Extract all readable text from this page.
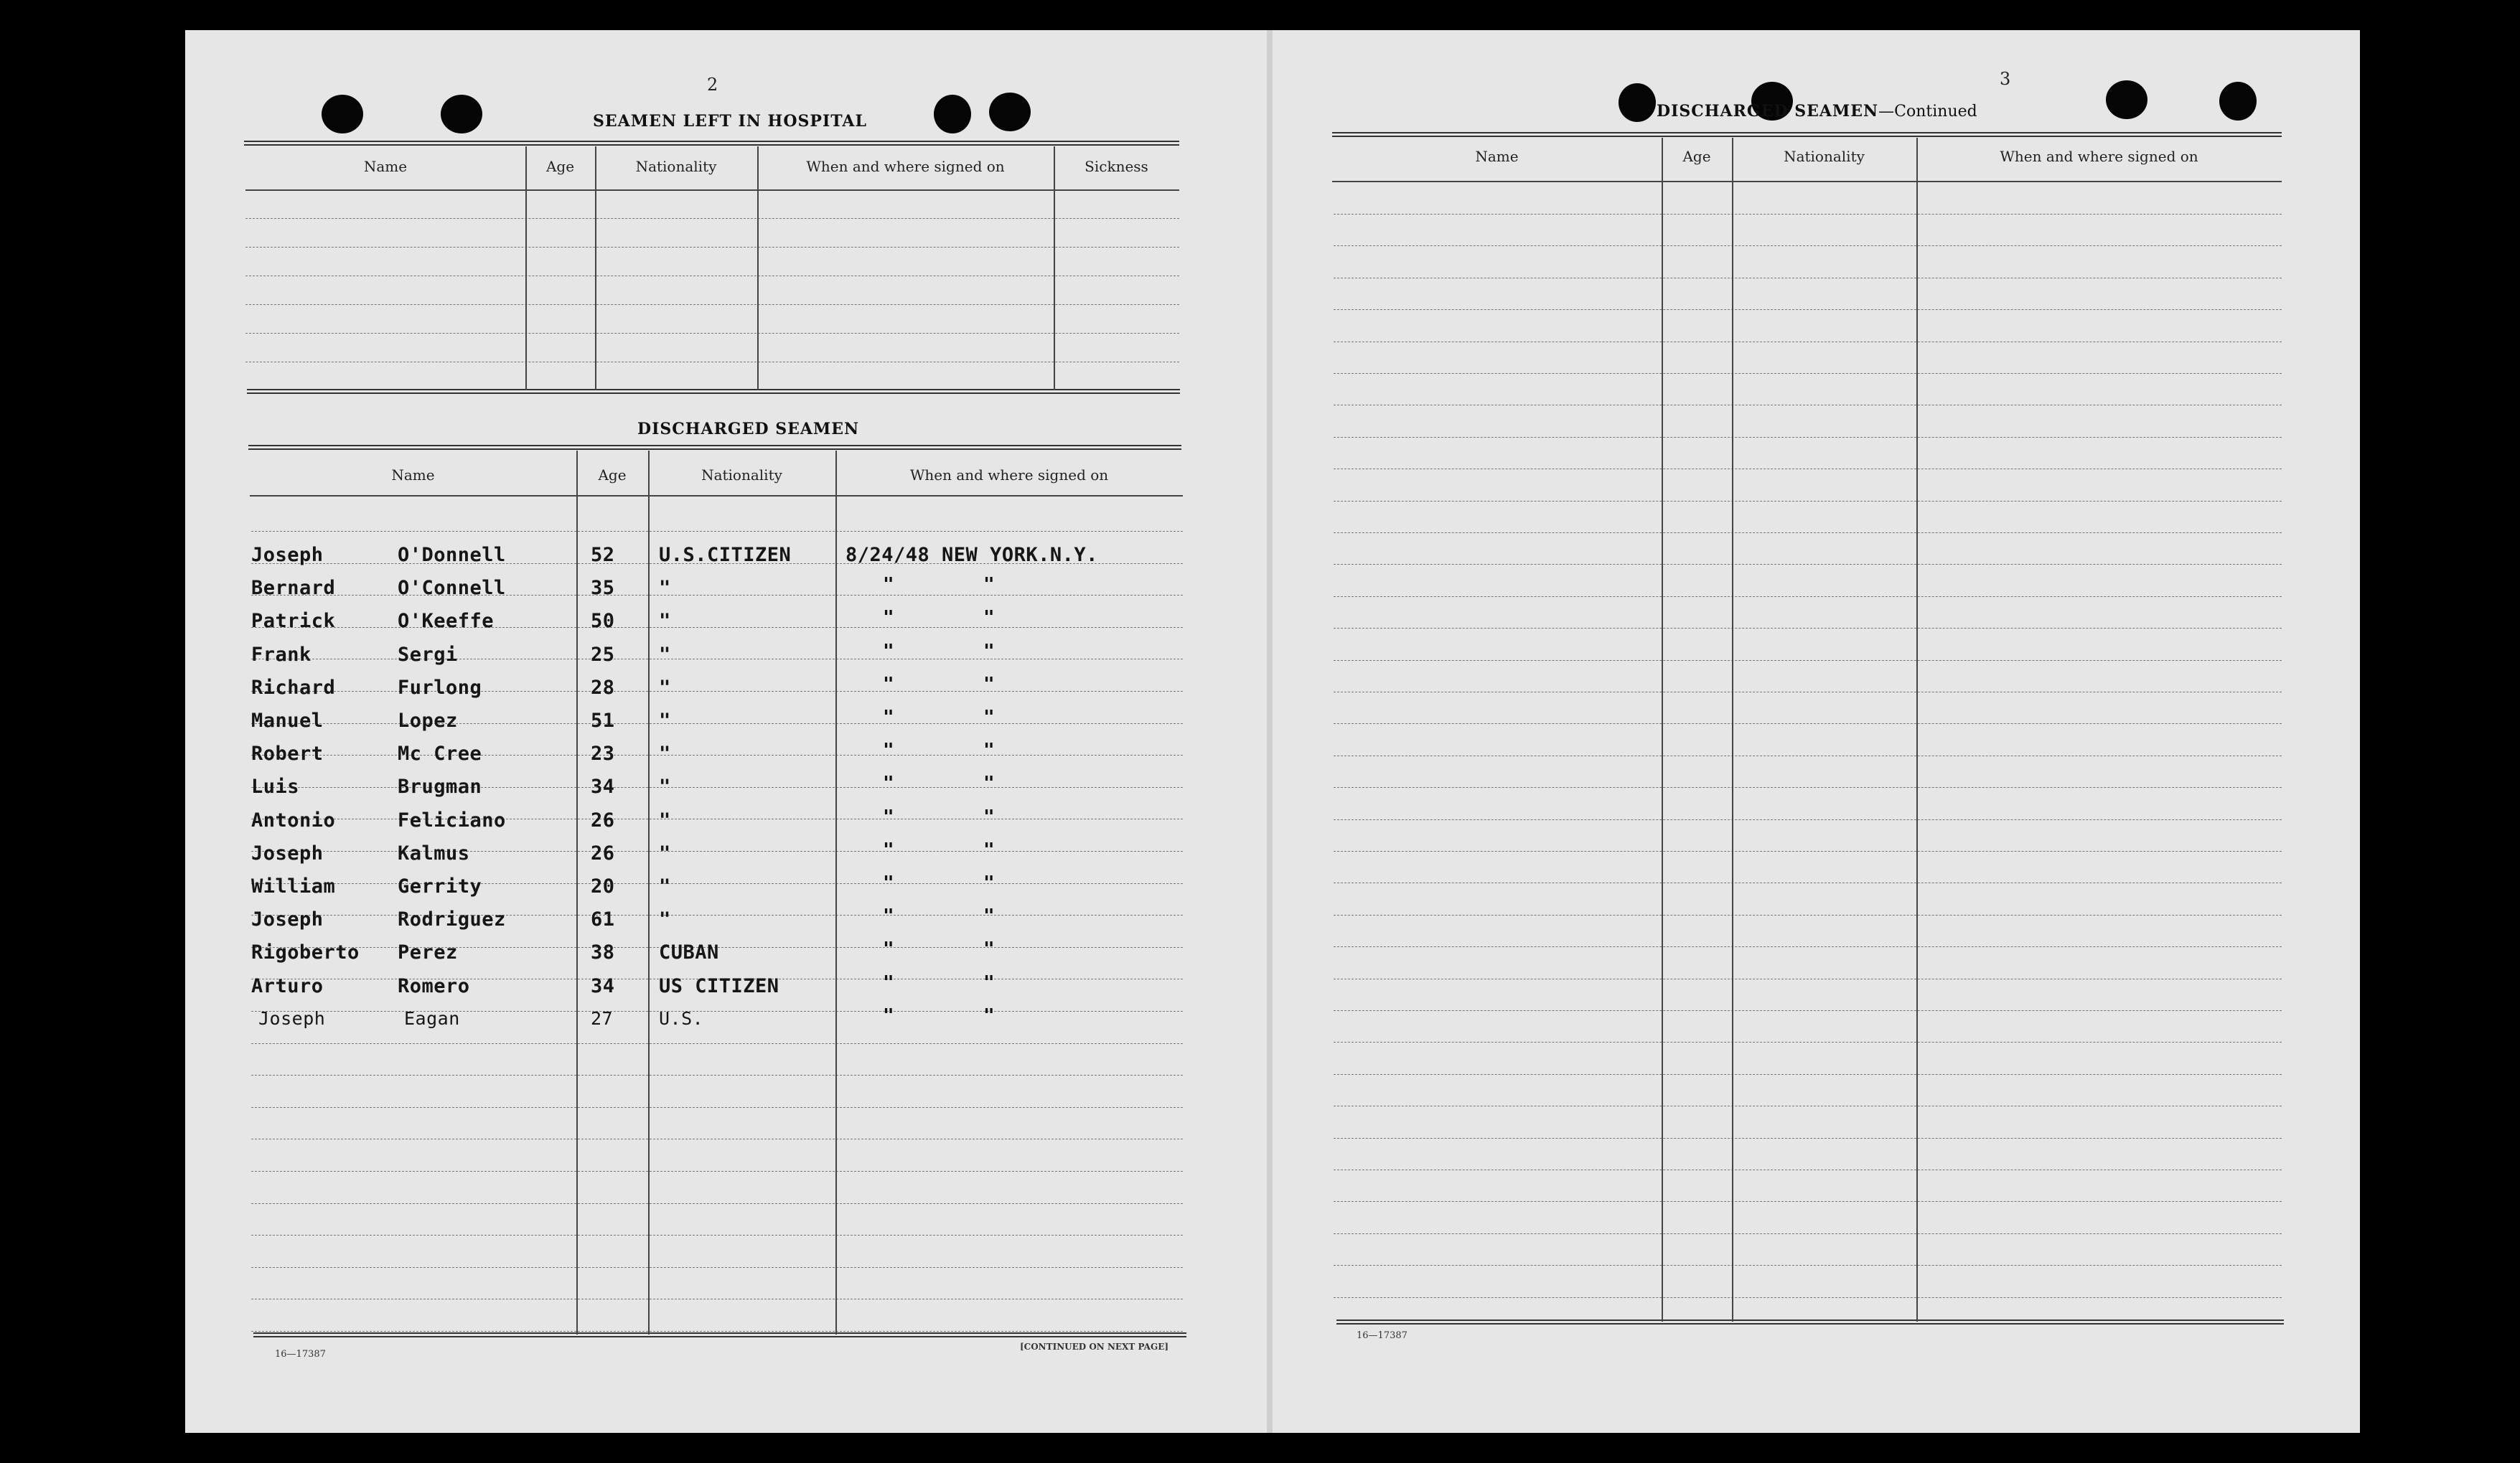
2
SEAMEN LEFT IN HOSPITAL
Name	Age	Nationality	When and where signed on	Sickness
DISCHARGED SEAMEN
Name	Age	Nationality	When and where signed on
Joseph	O'Donnell	52 U.S.CITIZEN	8/24/48 NEW YORK.N.Y.
Bernard	O'Connell	35 "	"	"
Patrick	O'Keeffe	50 "	"	"
Frank	Sergi	25 "	"	"
Richard	Furlong	28 "	"	"
Manuel	Lopez	51 "	"	"
Robert	Mc Cree	23 "	"	"
Luis	Brugman	34 "	"	"
Antonio	Feliciano	26 "	"	"
Joseph	Kalmus	26 "	"	"
William	Gerrity	20 "	"	"
Joseph	Rodriguez	61 "	"	"
Rigoberto Perez	38 CUBAN	"	"
Arturo	Romero	34 US CITIZEN	"	"
Joseph	Eagan	27	U.S.	"	"
16—17387
[CONTINUED ON NEXT PAGE]
3
DISCHARGED SEAMEN—Continued
Name	Age	Nationality	When and where signed on
16—17387
